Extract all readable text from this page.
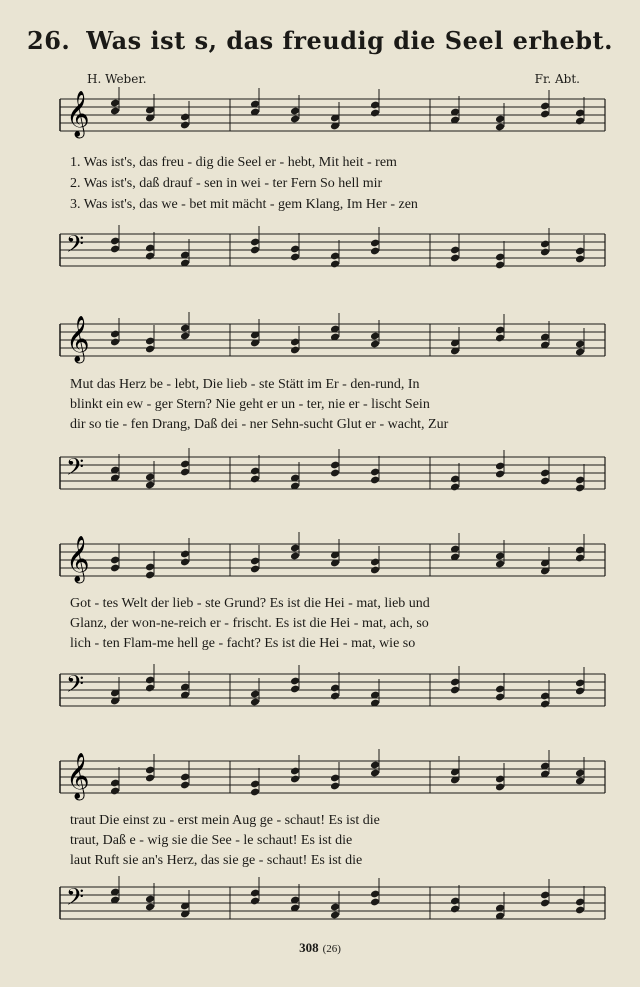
26. Was ist s, das freudig die Seel erhebt.
H. Weber.	Fr. Abt.
𝄞
1. Was ist's, das freu - dig die Seel er - hebt, Mit heit - rem
2. Was ist's, daß drauf - sen in wei - ter Fern So hell mir
3. Was ist's, das we - bet mit mächt - gem Klang, Im Her - zen
𝄢
𝄞
Mut das Herz be - lebt, Die lieb - ste Stätt im Er - den-rund, In
blinkt ein ew - ger Stern? Nie geht er un - ter, nie er - lischt Sein
dir so tie - fen Drang, Daß dei - ner Sehn-sucht Glut er - wacht, Zur
𝄢
𝄞
Got - tes Welt der lieb - ste Grund? Es ist die Hei - mat, lieb und
Glanz, der won-ne-reich er - frischt. Es ist die Hei - mat, ach, so
lich - ten Flam-me hell ge - facht? Es ist die Hei - mat, wie so
𝄢
𝄞
traut Die einst zu - erst mein Aug ge - schaut! Es ist die
traut, Daß e - wig sie die See - le schaut! Es ist die
laut Ruft sie an's Herz, das sie ge - schaut! Es ist die
𝄢
308 (26)
